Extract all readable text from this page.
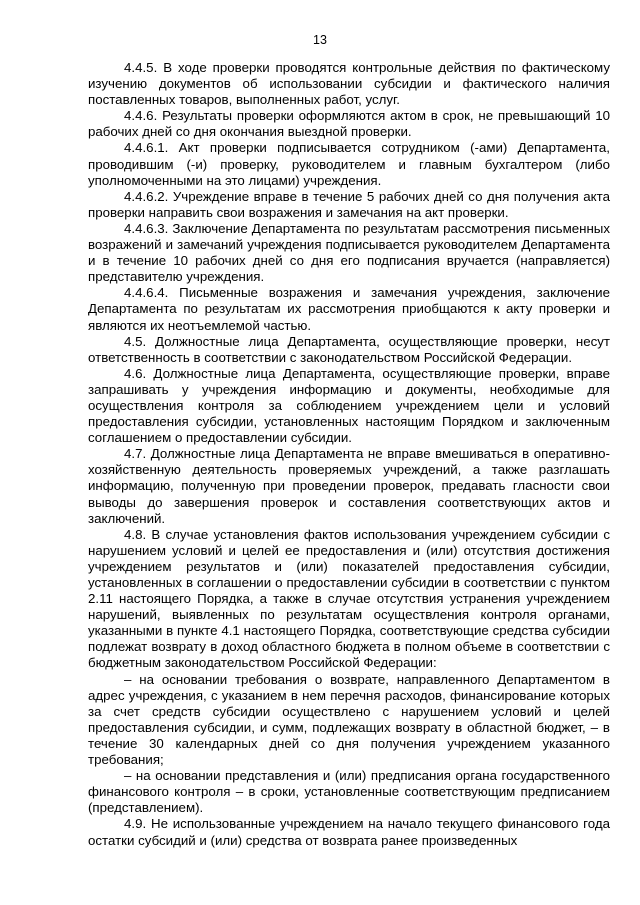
13

4.4.5. В ходе проверки проводятся контрольные действия по фактическому изучению документов об использовании субсидии и фактического наличия поставленных товаров, выполненных работ, услуг.

4.4.6. Результаты проверки оформляются актом в срок, не превышающий 10 рабочих дней со дня окончания выездной проверки.

4.4.6.1. Акт проверки подписывается сотрудником (-ами) Департамента, проводившим (-и) проверку, руководителем и главным бухгалтером (либо уполномоченными на это лицами) учреждения.

4.4.6.2. Учреждение вправе в течение 5 рабочих дней со дня получения акта проверки направить свои возражения и замечания на акт проверки.

4.4.6.3. Заключение Департамента по результатам рассмотрения письменных возражений и замечаний учреждения подписывается руководителем Департамента и в течение 10 рабочих дней со дня его подписания вручается (направляется) представителю учреждения.

4.4.6.4. Письменные возражения и замечания учреждения, заключение Департамента по результатам их рассмотрения приобщаются к акту проверки и являются их неотъемлемой частью.

4.5. Должностные лица Департамента, осуществляющие проверки, несут ответственность в соответствии с законодательством Российской Федерации.

4.6. Должностные лица Департамента, осуществляющие проверки, вправе запрашивать у учреждения информацию и документы, необходимые для осуществления контроля за соблюдением учреждением цели и условий предоставления субсидии, установленных настоящим Порядком и заключенным соглашением о предоставлении субсидии.

4.7. Должностные лица Департамента не вправе вмешиваться в оперативно-хозяйственную деятельность проверяемых учреждений, а также разглашать информацию, полученную при проведении проверок, предавать гласности свои выводы до завершения проверок и составления соответствующих актов и заключений.

4.8. В случае установления фактов использования учреждением субсидии с нарушением условий и целей ее предоставления и (или) отсутствия достижения учреждением результатов и (или) показателей предоставления субсидии, установленных в соглашении о предоставлении субсидии в соответствии с пунктом 2.11 настоящего Порядка, а также в случае отсутствия устранения учреждением нарушений, выявленных по результатам осуществления контроля органами, указанными в пункте 4.1 настоящего Порядка, соответствующие средства субсидии подлежат возврату в доход областного бюджета в полном объеме в соответствии с бюджетным законодательством Российской Федерации:

– на основании требования о возврате, направленного Департаментом в адрес учреждения, с указанием в нем перечня расходов, финансирование которых за счет средств субсидии осуществлено с нарушением условий и целей предоставления субсидии, и сумм, подлежащих возврату в областной бюджет, – в течение 30 календарных дней со дня получения учреждением указанного требования;

– на основании представления и (или) предписания органа государственного финансового контроля – в сроки, установленные соответствующим предписанием (представлением).

4.9. Не использованные учреждением на начало текущего финансового года остатки субсидий и (или) средства от возврата ранее произведенных
